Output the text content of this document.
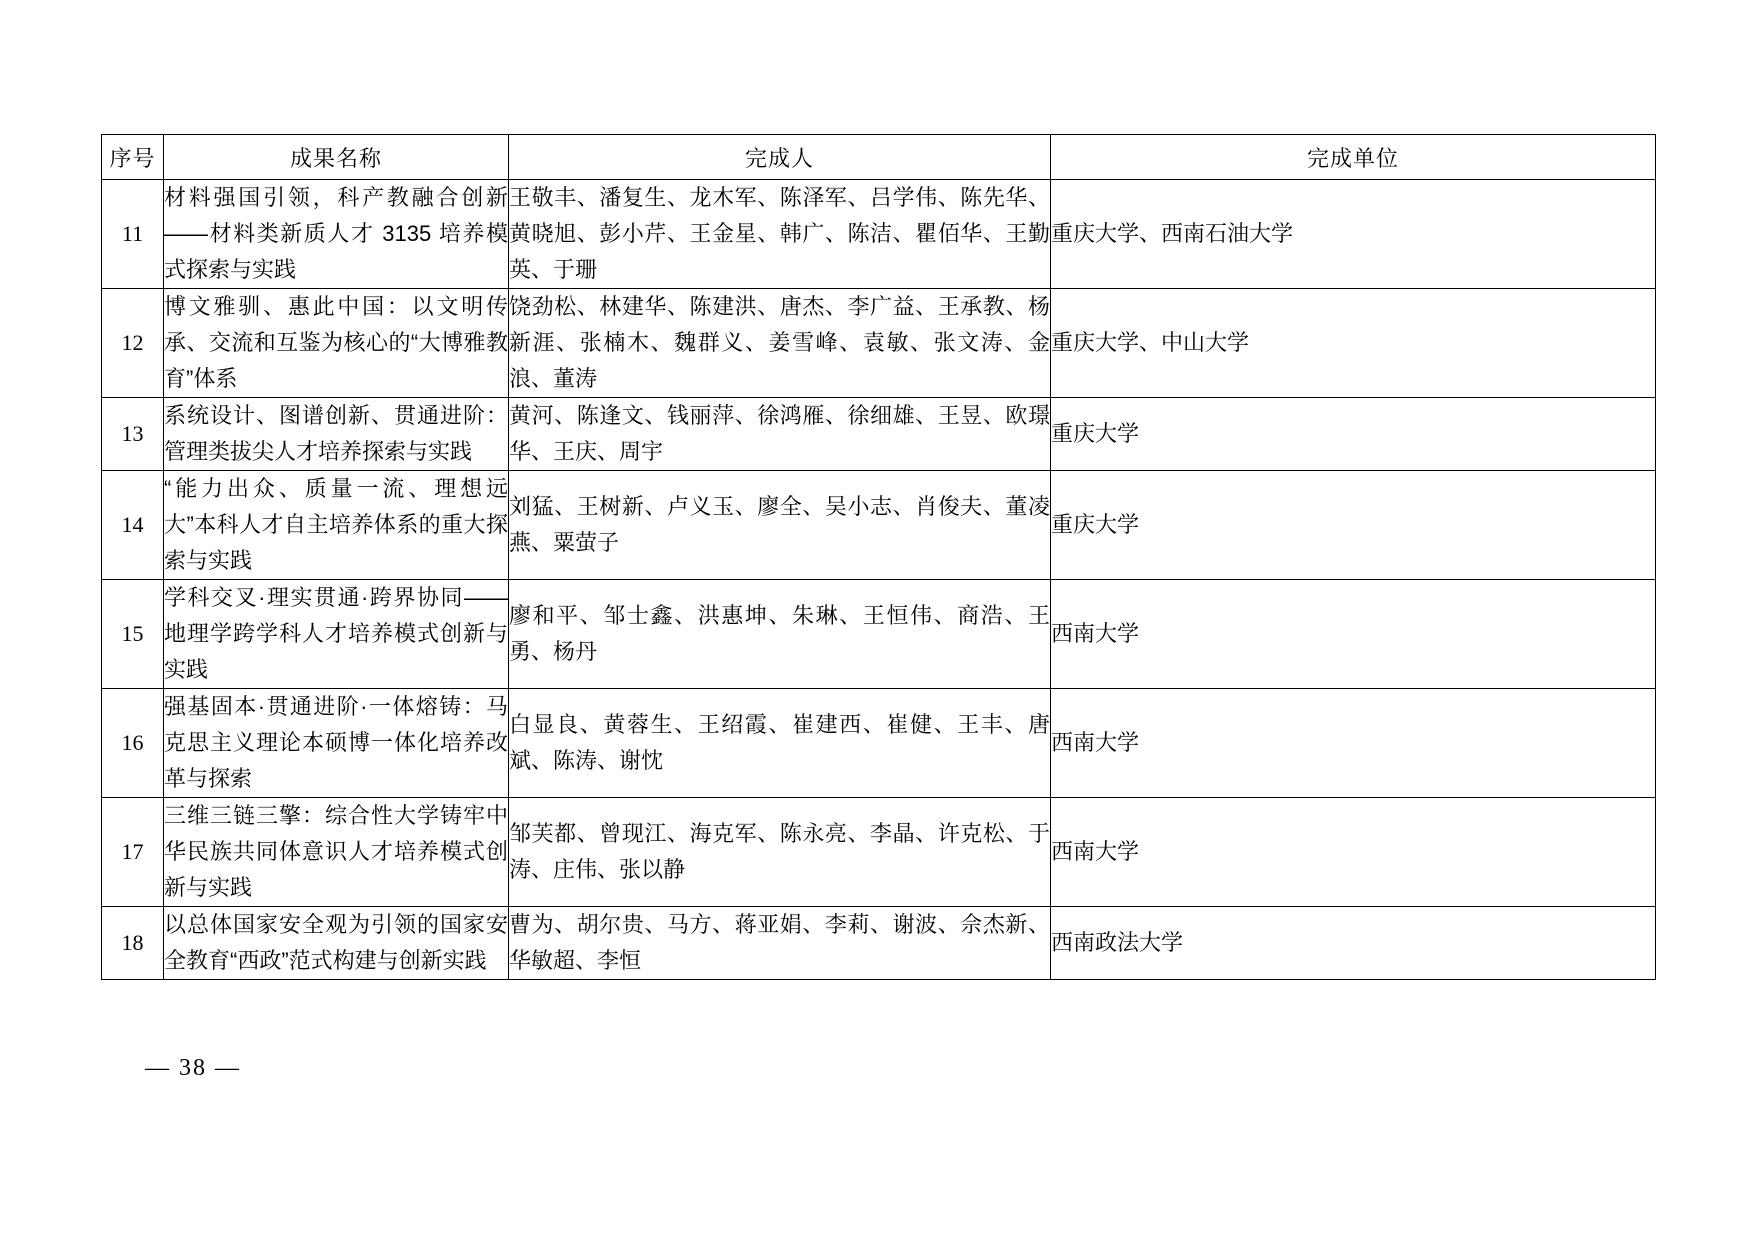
序号	成果名称	完成人	完成单位
11	材料强国引领，科产教融合创新——材料类新质人才 3135 培养模式探索与实践	王敬丰、潘复生、龙木军、陈泽军、吕学伟、陈先华、黄晓旭、彭小芹、王金星、韩广、陈洁、瞿佰华、王勤英、于珊	重庆大学、西南石油大学
12	博文雅驯、惠此中国：以文明传承、交流和互鉴为核心的“大博雅教育”体系	饶劲松、林建华、陈建洪、唐杰、李广益、王承教、杨新涯、张楠木、魏群义、姜雪峰、袁敏、张文涛、金浪、董涛	重庆大学、中山大学
13	系统设计、图谱创新、贯通进阶：管理类拔尖人才培养探索与实践	黄河、陈逢文、钱丽萍、徐鸿雁、徐细雄、王昱、欧璟华、王庆、周宇	重庆大学
14	“能力出众、质量一流、理想远大”本科人才自主培养体系的重大探索与实践	刘猛、王树新、卢义玉、廖全、吴小志、肖俊夫、董凌燕、粟萤子	重庆大学
15	学科交叉·理实贯通·跨界协同——地理学跨学科人才培养模式创新与实践	廖和平、邹士鑫、洪惠坤、朱琳、王恒伟、商浩、王勇、杨丹	西南大学
16	强基固本·贯通进阶·一体熔铸：马克思主义理论本硕博一体化培养改革与探索	白显良、黄蓉生、王绍霞、崔建西、崔健、王丰、唐斌、陈涛、谢忱	西南大学
17	三维三链三擎：综合性大学铸牢中华民族共同体意识人才培养模式创新与实践	邹芙都、曾现江、海克军、陈永亮、李晶、许克松、于涛、庄伟、张以静	西南大学
18	以总体国家安全观为引领的国家安全教育“西政”范式构建与创新实践	曹为、胡尔贵、马方、蒋亚娟、李莉、谢波、佘杰新、华敏超、李恒	西南政法大学
— 38 —
